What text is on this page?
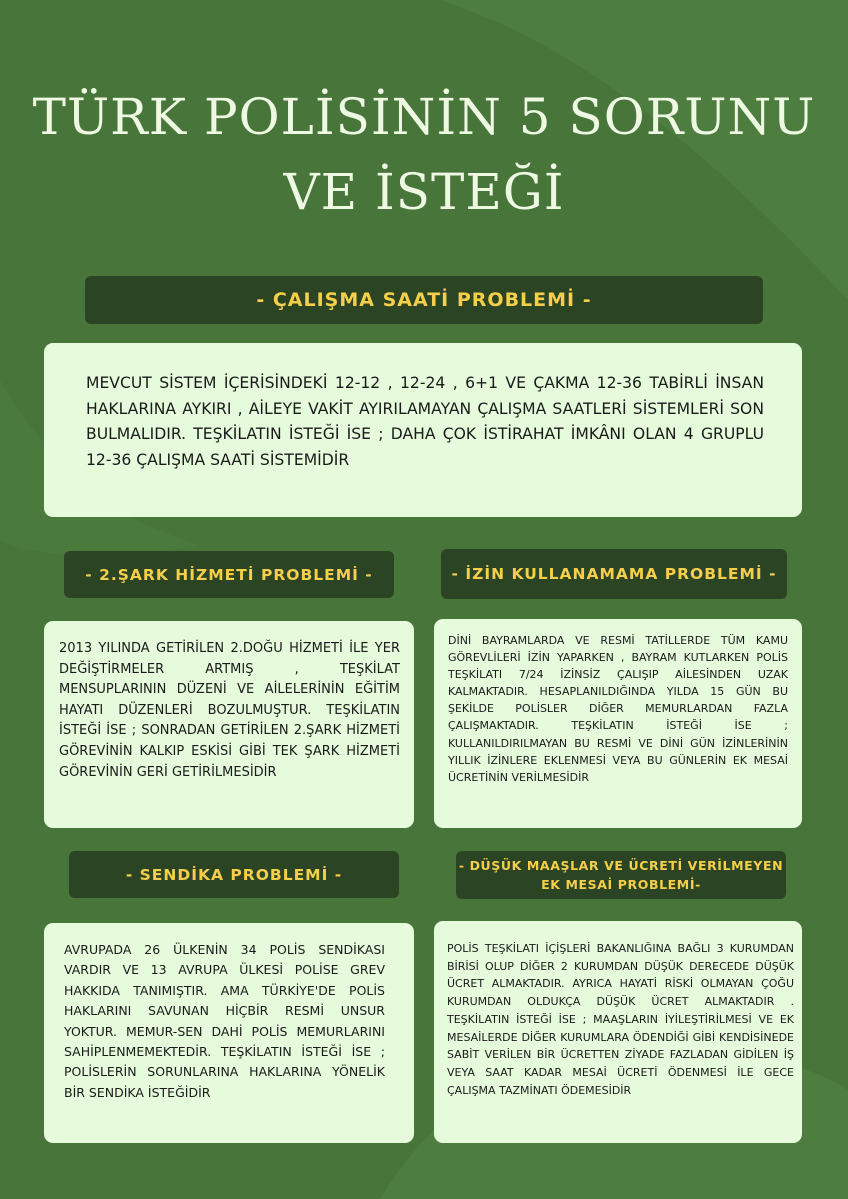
TÜRK POLİSİNİN 5 SORUNU
VE İSTEĞİ
- ÇALIŞMA SAATİ PROBLEMİ -

MEVCUT SİSTEM İÇERİSİNDEKİ 12-12 , 12-24 , 6+1 VE ÇAKMA 12-36 TABİRLİ İNSAN HAKLARINA AYKIRI , AİLEYE VAKİT AYIRILAMAYAN ÇALIŞMA SAATLERİ SİSTEMLERİ SON BULMALIDIR. TEŞKİLATIN İSTEĞİ İSE ; DAHA ÇOK İSTİRAHAT İMKÂNI OLAN 4 GRUPLU 12-36 ÇALIŞMA SAATİ SİSTEMİDİR

- 2.ŞARK HİZMETİ PROBLEMİ -

2013 YILINDA GETİRİLEN 2.DOĞU HİZMETİ İLE YER DEĞİŞTİRMELER ARTMIŞ , TEŞKİLAT MENSUPLARININ DÜZENİ VE AİLELERİNİN EĞİTİM HAYATI DÜZENLERİ BOZULMUŞTUR. TEŞKİLATIN İSTEĞİ İSE ; SONRADAN GETİRİLEN 2.ŞARK HİZMETİ GÖREVİNİN KALKIP ESKİSİ GİBİ TEK ŞARK HİZMETİ GÖREVİNİN GERİ GETİRİLMESİDİR

- İZİN KULLANAMAMA PROBLEMİ -

DİNİ BAYRAMLARDA VE RESMİ TATİLLERDE TÜM KAMU GÖREVLİLERİ İZİN YAPARKEN , BAYRAM KUTLARKEN POLİS TEŞKİLATI 7/24 İZİNSİZ ÇALIŞIP AİLESİNDEN UZAK KALMAKTADIR. HESAPLANILDIĞINDA YILDA 15 GÜN BU ŞEKİLDE POLİSLER DİĞER MEMURLARDAN FAZLA ÇALIŞMAKTADIR. TEŞKİLATIN İSTEĞİ İSE ; KULLANILDIRILMAYAN BU RESMİ VE DİNİ GÜN İZİNLERİNİN YILLIK İZİNLERE EKLENMESİ VEYA BU GÜNLERİN EK MESAİ ÜCRETİNİN VERİLMESİDİR

- SENDİKA PROBLEMİ -

AVRUPADA 26 ÜLKENİN 34 POLİS SENDİKASI VARDIR VE 13 AVRUPA ÜLKESİ POLİSE GREV HAKKIDA TANIMIŞTIR. AMA TÜRKİYE'DE POLİS HAKLARINI SAVUNAN HİÇBİR RESMİ UNSUR YOKTUR. MEMUR-SEN DAHİ POLİS MEMURLARINI SAHİPLENMEMEKTEDİR. TEŞKİLATIN İSTEĞİ İSE ; POLİSLERİN SORUNLARINA HAKLARINA YÖNELİK BİR SENDİKA İSTEĞİDİR

- DÜŞÜK MAAŞLAR VE ÜCRETİ VERİLMEYEN
EK MESAİ PROBLEMİ-

POLİS TEŞKİLATI İÇİŞLERİ BAKANLIĞINA BAĞLI 3 KURUMDAN BİRİSİ OLUP DİĞER 2 KURUMDAN DÜŞÜK DERECEDE DÜŞÜK ÜCRET ALMAKTADIR. AYRICA HAYATİ RİSKİ OLMAYAN ÇOĞU KURUMDAN OLDUKÇA DÜŞÜK ÜCRET ALMAKTADIR . TEŞKİLATIN İSTEĞİ İSE ; MAAŞLARIN İYİLEŞTİRİLMESİ VE EK MESAİLERDE DİĞER KURUMLARA ÖDENDİĞİ GİBİ KENDİSİNEDE SABİT VERİLEN BİR ÜCRETTEN ZİYADE FAZLADAN GİDİLEN İŞ VEYA SAAT KADAR MESAİ ÜCRETİ ÖDENMESİ İLE GECE ÇALIŞMA TAZMİNATI ÖDEMESİDİR
